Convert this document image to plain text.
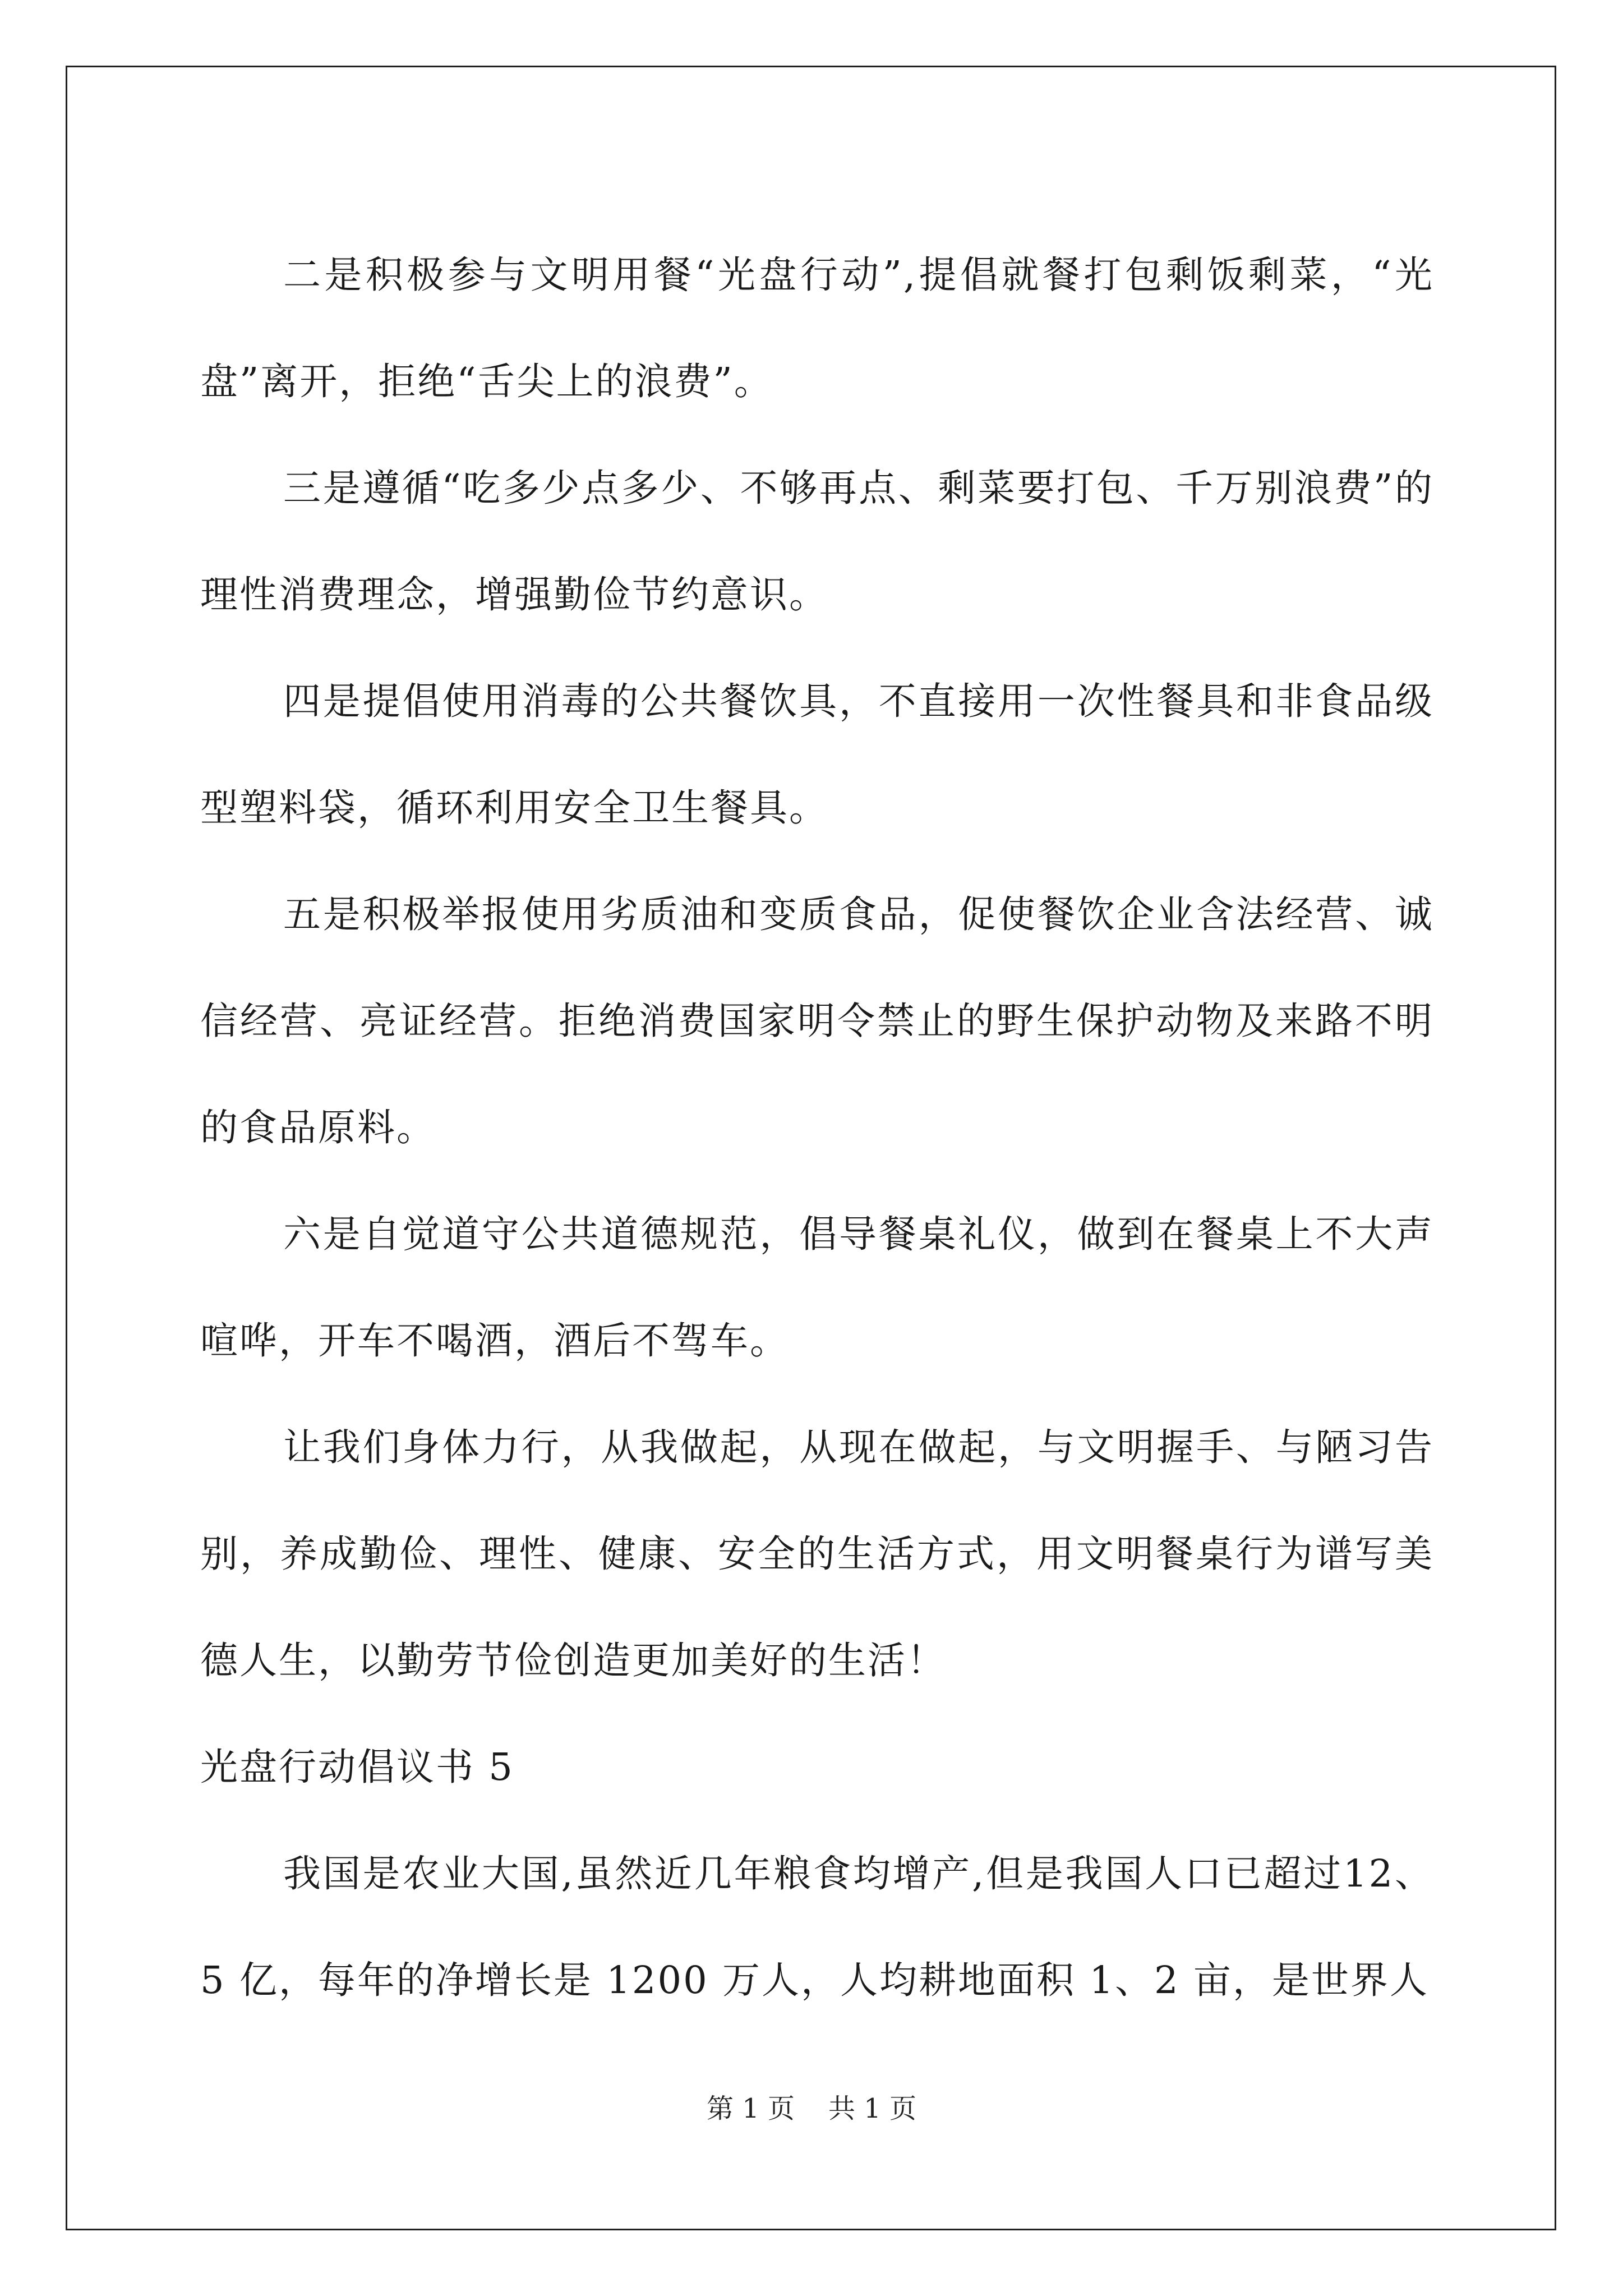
二是积极参与文明用餐“光盘行动”,提倡就餐打包剩饭剩菜，“光盘”离开，拒绝“舌尖上的浪费”。

三是遵循“吃多少点多少、不够再点、剩菜要打包、千万别浪费”的理性消费理念，增强勤俭节约意识。

四是提倡使用消毒的公共餐饮具，不直接用一次性餐具和非食品级型塑料袋，循环利用安全卫生餐具。

五是积极举报使用劣质油和变质食品，促使餐饮企业含法经营、诚信经营、亮证经营。拒绝消费国家明令禁止的野生保护动物及来路不明的食品原料。

六是自觉道守公共道德规范，倡导餐桌礼仪，做到在餐桌上不大声喧哗，开车不喝酒，酒后不驾车。

让我们身体力行，从我做起，从现在做起，与文明握手、与陋习告别，养成勤俭、理性、健康、安全的生活方式，用文明餐桌行为谱写美德人生，以勤劳节俭创造更加美好的生活！

光盘行动倡议书 5

我国是农业大国,虽然近几年粮食均增产,但是我国人口已超过12、5 亿，每年的净增长是 1200 万人，人均耕地面积 1、2 亩，是世界人

第 1 页 共 1 页
